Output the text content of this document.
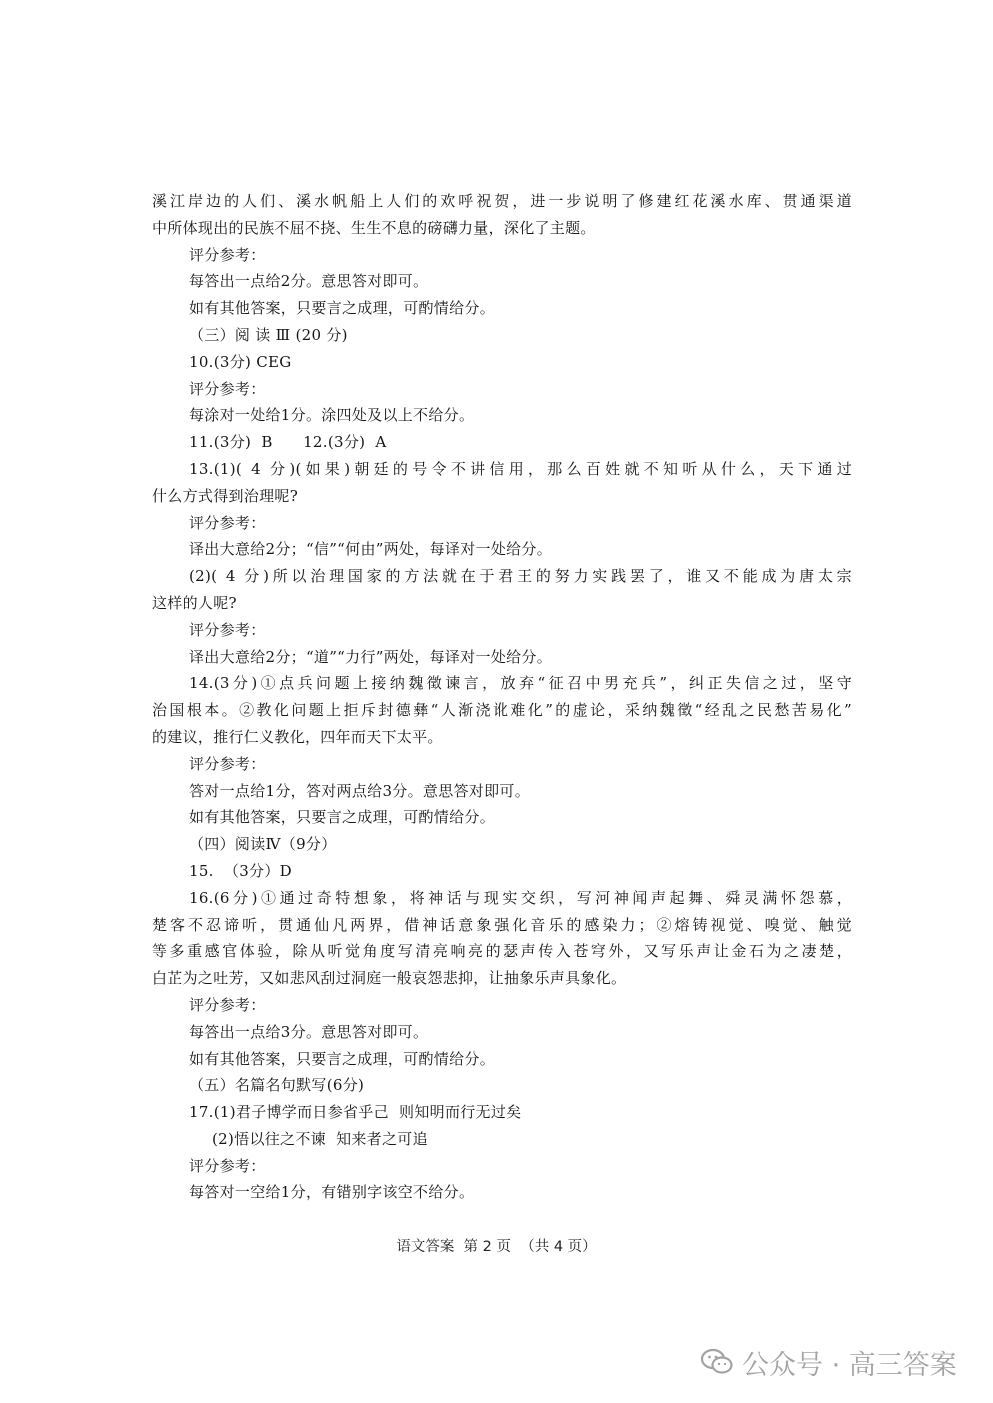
溪江岸边的人们、溪水帆船上人们的欢呼祝贺，进一步说明了修建红花溪水库、贯通渠道
中所体现出的民族不屈不挠、生生不息的磅礴力量，深化了主题。
评分参考：
每答出一点给2分。意思答对即可。
如有其他答案，只要言之成理，可酌情给分。
（三）阅 读 Ⅲ (20 分)
10.(3分) CEG
评分参考：
每涂对一处给1分。涂四处及以上不给分。
11.(3分)  B      12.(3分)  A
13.(1)( 4 分)(如果)朝廷的号令不讲信用，那么百姓就不知听从什么，天下通过
什么方式得到治理呢?
评分参考：
译出大意给2分；“信”“何由”两处，每译对一处给分。
(2)( 4 分)所以治理国家的方法就在于君王的努力实践罢了，谁又不能成为唐太宗
这样的人呢?
评分参考：
译出大意给2分；“道”“力行”两处，每译对一处给分。
14.(3分)①点兵问题上接纳魏徵谏言，放弃“征召中男充兵”，纠正失信之过，坚守
治国根本。②教化问题上拒斥封德彝“人渐浇讹难化”的虚论，采纳魏徵“经乱之民愁苦易化”
的建议，推行仁义教化，四年而天下太平。
评分参考：
答对一点给1分，答对两点给3分。意思答对即可。
如有其他答案，只要言之成理，可酌情给分。
（四）阅读Ⅳ（9分）
15.  （3分）D
16.(6分)①通过奇特想象，将神话与现实交织，写河神闻声起舞、舜灵满怀怨慕，
楚客不忍谛听，贯通仙凡两界，借神话意象强化音乐的感染力；②熔铸视觉、嗅觉、触觉
等多重感官体验，除从听觉角度写清亮响亮的瑟声传入苍穹外，又写乐声让金石为之凄楚，
白芷为之吐芳，又如悲风刮过洞庭一般哀怨悲抑，让抽象乐声具象化。
评分参考：
每答出一点给3分。意思答对即可。
如有其他答案，只要言之成理，可酌情给分。
（五）名篇名句默写(6分)
17.(1)君子博学而日参省乎己  则知明而行无过矣
(2)悟以往之不谏  知来者之可追
评分参考：
每答对一空给1分，有错别字该空不给分。
语文答案  第 2 页  （共 4 页）
公众号 · 高三答案
